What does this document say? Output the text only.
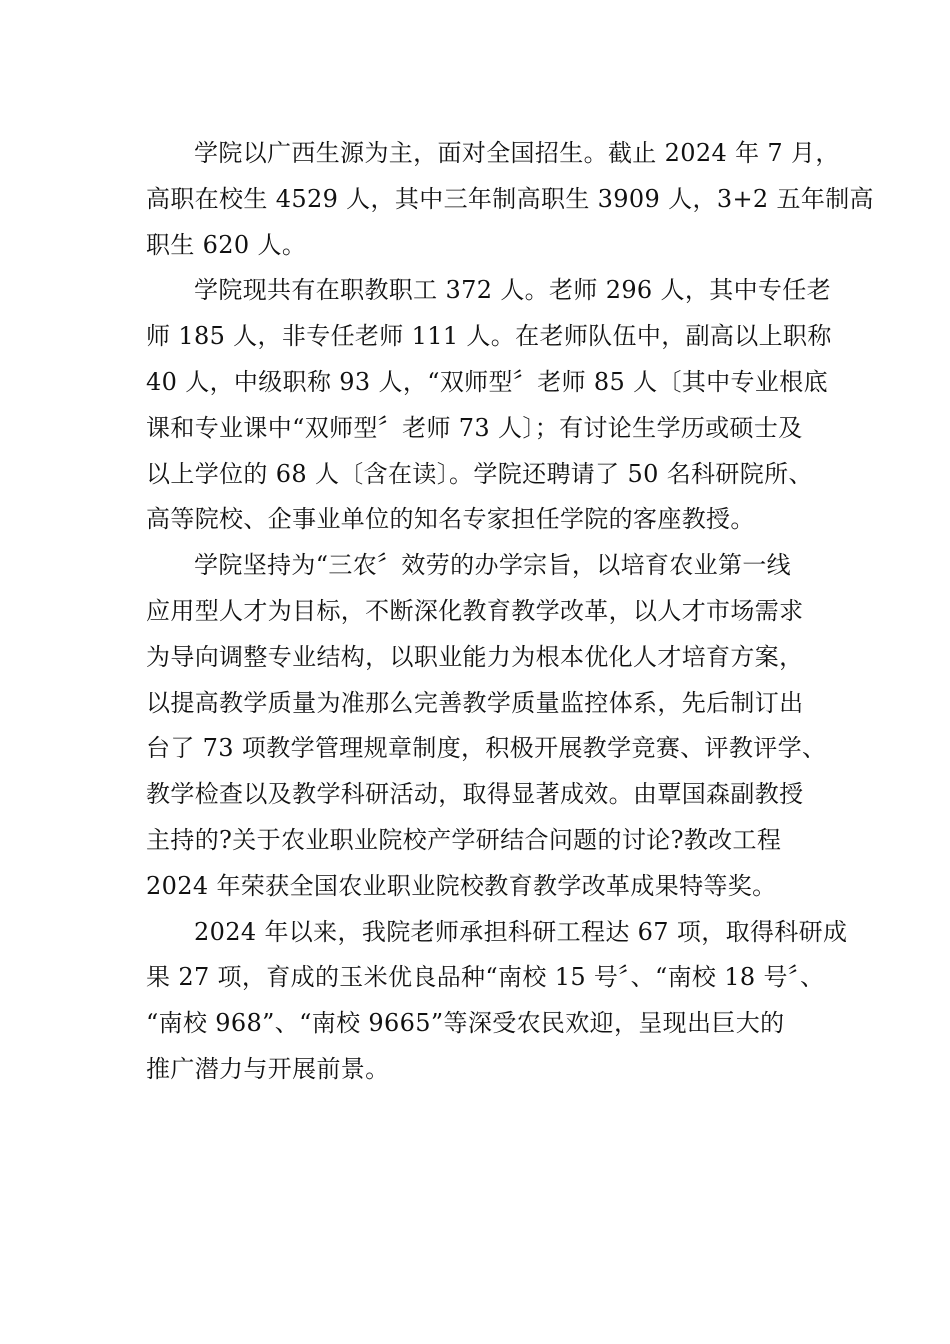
学院以广西生源为主，面对全国招生。截止 2024 年 7 月，
高职在校生 4529 人，其中三年制高职生 3909 人，3+2 五年制高
职生 620 人。
学院现共有在职教职工 372 人。老师 296 人，其中专任老
师 185 人，非专任老师 111 人。在老师队伍中，副高以上职称
40 人，中级职称 93 人，“双师型〞老师 85 人〔其中专业根底
课和专业课中“双师型〞老师 73 人〕；有讨论生学历或硕士及
以上学位的 68 人〔含在读〕。学院还聘请了 50 名科研院所、
高等院校、企事业单位的知名专家担任学院的客座教授。
学院坚持为“三农〞效劳的办学宗旨，以培育农业第一线
应用型人才为目标，不断深化教育教学改革，以人才市场需求
为导向调整专业结构，以职业能力为根本优化人才培育方案，
以提高教学质量为准那么完善教学质量监控体系，先后制订出
台了 73 项教学管理规章制度，积极开展教学竞赛、评教评学、
教学检查以及教学科研活动，取得显著成效。由覃国森副教授
主持的?关于农业职业院校产学研结合问题的讨论?教改工程
2024 年荣获全国农业职业院校教育教学改革成果特等奖。
2024 年以来，我院老师承担科研工程达 67 项，取得科研成
果 27 项，育成的玉米优良品种“南校 15 号〞、“南校 18 号〞、
“南校 968”、“南校 9665”等深受农民欢迎，呈现出巨大的
推广潜力与开展前景。
